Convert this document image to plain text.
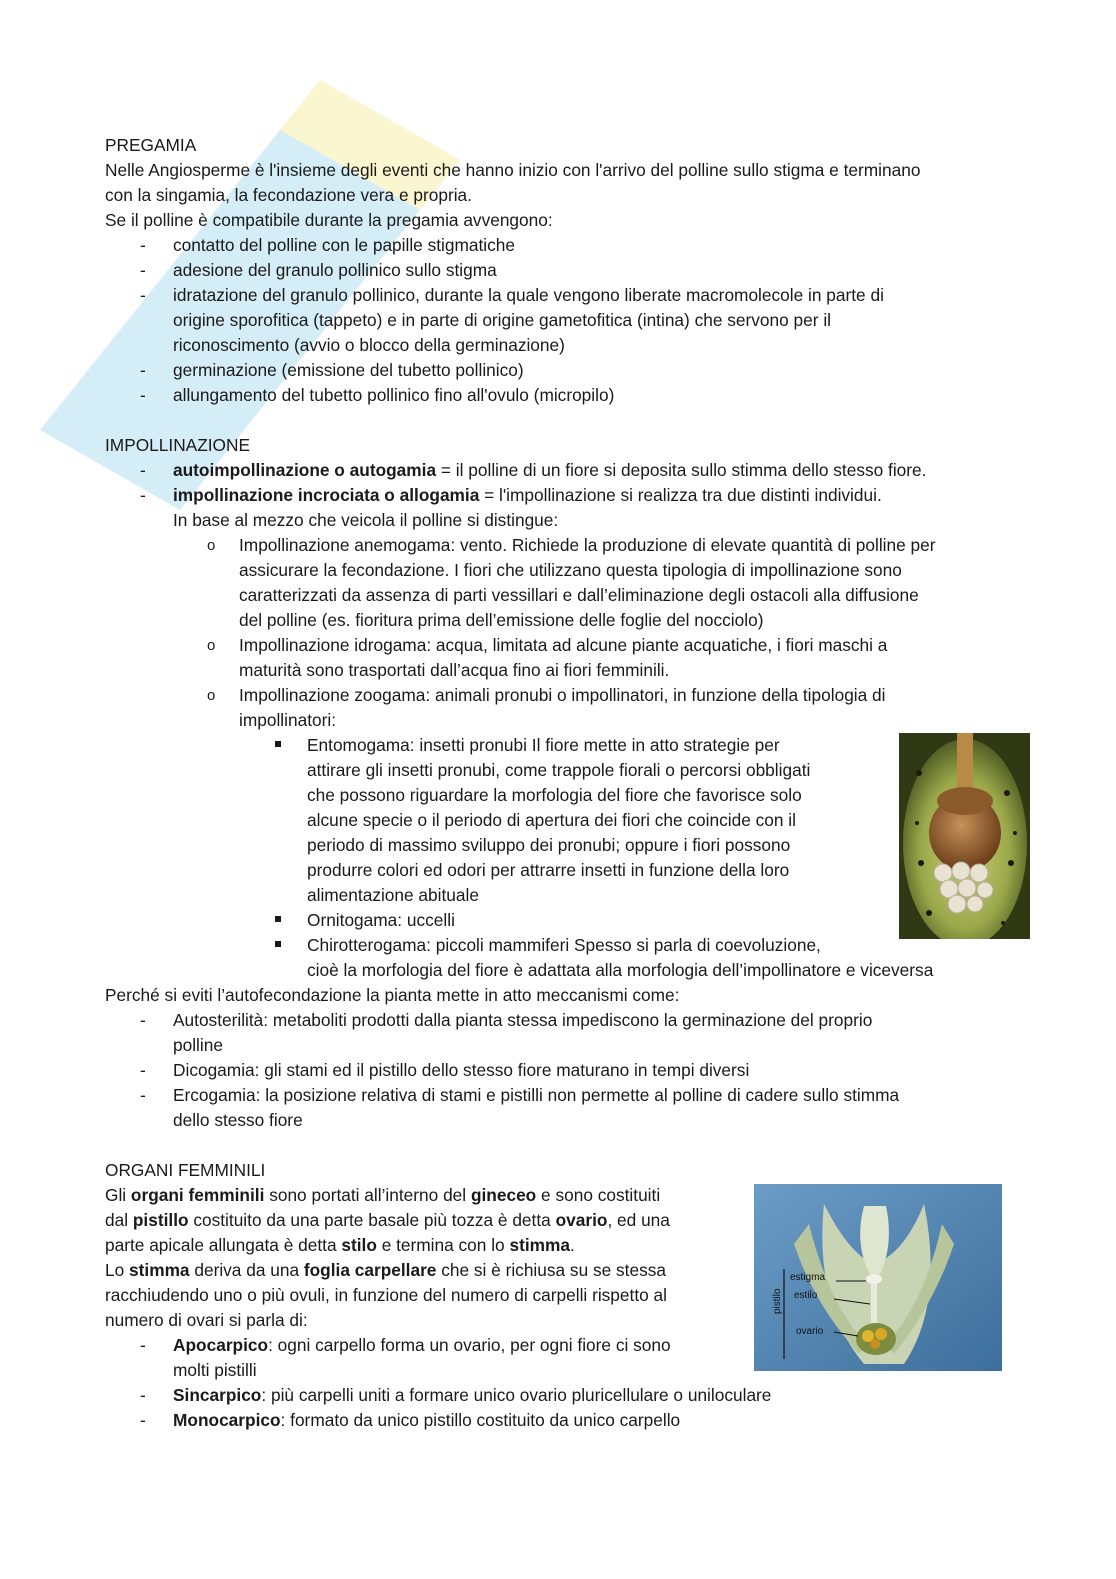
PREGAMIA
Nelle Angiosperme è l'insieme degli eventi che hanno inizio con l'arrivo del polline sullo stigma e terminano
con la singamia, la fecondazione vera e propria.
Se il polline è compatibile durante la pregamia avvengono:
- contatto del polline con le papille stigmatiche
- adesione del granulo pollinico sullo stigma
- idratazione del granulo pollinico, durante la quale vengono liberate macromolecole in parte di
origine sporofitica (tappeto) e in parte di origine gametofitica (intina) che servono per il
riconoscimento (avvio o blocco della germinazione)
- germinazione (emissione del tubetto pollinico)
- allungamento del tubetto pollinico fino all'ovulo (micropilo)
IMPOLLINAZIONE
- autoimpollinazione o autogamia = il polline di un fiore si deposita sullo stimma dello stesso fiore.
- impollinazione incrociata o allogamia = l'impollinazione si realizza tra due distinti individui.
In base al mezzo che veicola il polline si distingue:
o Impollinazione anemogama: vento. Richiede la produzione di elevate quantità di polline per
assicurare la fecondazione. I fiori che utilizzano questa tipologia di impollinazione sono
caratterizzati da assenza di parti vessillari e dall’eliminazione degli ostacoli alla diffusione
del polline (es. fioritura prima dell’emissione delle foglie del nocciolo)
o Impollinazione idrogama: acqua, limitata ad alcune piante acquatiche, i fiori maschi a
maturità sono trasportati dall’acqua fino ai fiori femminili.
o Impollinazione zoogama: animali pronubi o impollinatori, in funzione della tipologia di
impollinatori:
Entomogama: insetti pronubi Il fiore mette in atto strategie per
attirare gli insetti pronubi, come trappole fiorali o percorsi obbligati
che possono riguardare la morfologia del fiore che favorisce solo
alcune specie o il periodo di apertura dei fiori che coincide con il
periodo di massimo sviluppo dei pronubi; oppure i fiori possono
produrre colori ed odori per attrarre insetti in funzione della loro
alimentazione abituale
Ornitogama: uccelli
Chirotterogama: piccoli mammiferi Spesso si parla di coevoluzione,
cioè la morfologia del fiore è adattata alla morfologia dell’impollinatore e viceversa
Perché si eviti l’autofecondazione la pianta mette in atto meccanismi come:
- Autosterilità: metaboliti prodotti dalla pianta stessa impediscono la germinazione del proprio
polline
- Dicogamia: gli stami ed il pistillo dello stesso fiore maturano in tempi diversi
- Ercogamia: la posizione relativa di stami e pistilli non permette al polline di cadere sullo stimma
dello stesso fiore
ORGANI FEMMINILI
Gli organi femminili sono portati all’interno del gineceo e sono costituiti
dal pistillo costituito da una parte basale più tozza è detta ovario, ed una
parte apicale allungata è detta stilo e termina con lo stimma.
Lo stimma deriva da una foglia carpellare che si è richiusa su se stessa
racchiudendo uno o più ovuli, in funzione del numero di carpelli rispetto al
numero di ovari si parla di:
- Apocarpico: ogni carpello forma un ovario, per ogni fiore ci sono
molti pistilli
- Sincarpico: più carpelli uniti a formare unico ovario pluricellulare o uniloculare
- Monocarpico: formato da unico pistillo costituito da unico carpello
pistilo
estigma
estilo
ovario
